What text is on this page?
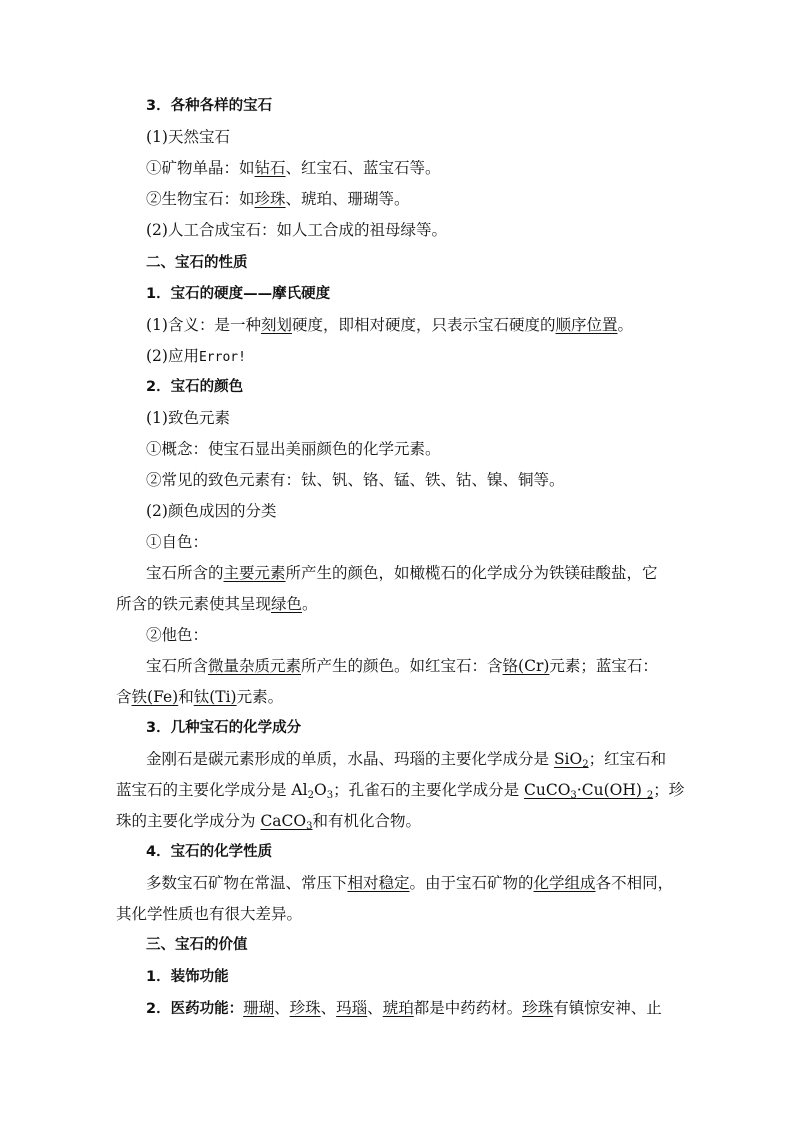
3．各种各样的宝石
(1)天然宝石
①矿物单晶：如钻石、红宝石、蓝宝石等。
②生物宝石：如珍珠、琥珀、珊瑚等。
(2)人工合成宝石：如人工合成的祖母绿等。
二、宝石的性质
1．宝石的硬度——摩氏硬度
(1)含义：是一种刻划硬度，即相对硬度，只表示宝石硬度的顺序位置。
(2)应用Error!
2．宝石的颜色
(1)致色元素
①概念：使宝石显出美丽颜色的化学元素。
②常见的致色元素有：钛、钒、铬、锰、铁、钴、镍、铜等。
(2)颜色成因的分类
①自色：
宝石所含的主要元素所产生的颜色，如橄榄石的化学成分为铁镁硅酸盐，它
所含的铁元素使其呈现绿色。
②他色：
宝石所含微量杂质元素所产生的颜色。如红宝石：含铬(Cr)元素；蓝宝石：
含铁(Fe)和钛(Ti)元素。
3．几种宝石的化学成分
金刚石是碳元素形成的单质，水晶、玛瑙的主要化学成分是 SiO$_2$；红宝石和
蓝宝石的主要化学成分是 $Al_2O_3$；孔雀石的主要化学成分是 CuCO$_3$·Cu(OH) $_2$；珍
珠的主要化学成分为 CaCO$_3$和有机化合物。
4．宝石的化学性质
多数宝石矿物在常温、常压下相对稳定。由于宝石矿物的化学组成各不相同，
其化学性质也有很大差异。
三、宝石的价值
1．装饰功能
2．医药功能：珊瑚、珍珠、玛瑙、琥珀都是中药药材。珍珠有镇惊安神、止
